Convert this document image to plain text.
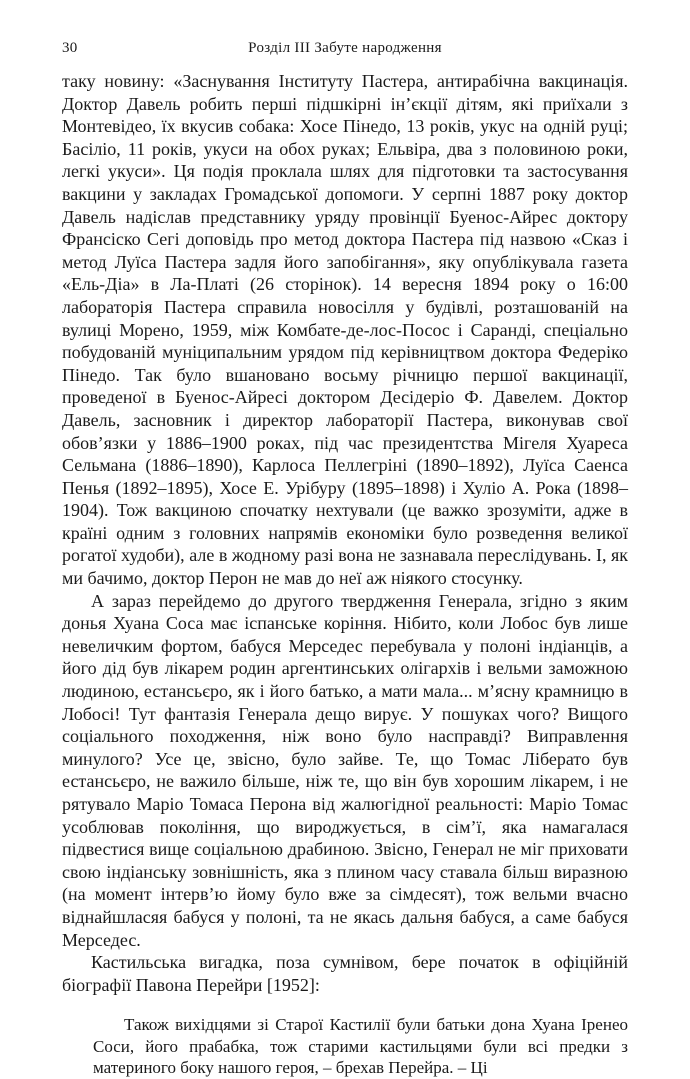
30	Розділ III Забуте народження

таку новину: «Заснування Інституту Пастера, антирабічна вакцинація. Доктор Давель робить перші підшкірні ін’єкції дітям, які приїхали з Монтевідео, їх вкусив собака: Хосе Пінедо, 13 років, укус на одній руці; Басіліо, 11 років, укуси на обох руках; Ельвіра, два з половиною роки, легкі укуси». Ця подія проклала шлях для підготовки та застосування вакцини у закладах Громадської допомоги. У серпні 1887 року доктор Давель надіслав представнику уряду провінції Буенос-Айрес доктору Франсіско Сегі доповідь про метод доктора Пастера під назвою «Сказ і метод Луїса Пастера задля його запобігання», яку опублікувала газета «Ель-Діа» в Ла-Платі (26 сторінок). 14 вересня 1894 року о 16:00 лабораторія Пастера справила новосілля у будівлі, розташованій на вулиці Морено, 1959, між Комбате-де-лос-Посос і Саранді, спеціально побудованій муніципальним урядом під керівництвом доктора Федеріко Пінедо. Так було вшановано восьму річницю першої вакцинації, проведеної в Буенос-Айресі доктором Десідеріо Ф. Давелем. Доктор Давель, засновник і директор лабораторії Пастера, виконував свої обов’язки у 1886–1900 роках, під час президентства Мігеля Хуареса Сельмана (1886–1890), Карлоса Пеллегріні (1890–1892), Луїса Саенса Пенья (1892–1895), Хосе Е. Урібуру (1895–1898) і Хуліо А. Рока (1898–1904). Тож вакциною спочатку нехтували (це важко зрозуміти, адже в країні одним з головних напрямів економіки було розведення великої рогатої худоби), але в жодному разі вона не зазнавала переслідувань. І, як ми бачимо, доктор Перон не мав до неї аж ніякого стосунку.

А зараз перейдемо до другого твердження Генерала, згідно з яким донья Хуана Соса має іспанське коріння. Нібито, коли Лобос був лише невеличким фортом, бабуся Мерседес перебувала у полоні індіанців, а його дід був лікарем родин аргентинських олігархів і вельми заможною людиною, естансьєро, як і його батько, а мати мала... м’ясну крамницю в Лобосі! Тут фантазія Генерала дещо вирує. У пошуках чого? Вищого соціального походження, ніж воно було насправді? Виправлення минулого? Усе це, звісно, було зайве. Те, що Томас Ліберато був естансьєро, не важило більше, ніж те, що він був хорошим лікарем, і не рятувало Маріо Томаса Перона від жалюгідної реальності: Маріо Томас усоблював покоління, що вироджується, в сім’ї, яка намагалася підвестися вище соціальною драбиною. Звісно, Генерал не міг приховати свою індіанську зовнішність, яка з плином часу ставала більш виразною (на момент інтерв’ю йому було вже за сімдесят), тож вельми вчасно віднайшласяя бабуся у полоні, та не якась дальня бабуся, а саме бабуся Мерседес.

Кастильська вигадка, поза сумнівом, бере початок в офіційній біографії Павона Перейри [1952]:

Також вихідцями зі Старої Кастилії були батьки дона Хуана Іренео Соси, його прабабка, тож старими кастильцями були всі предки з материного боку нашого героя, – брехав Перейра. – Ці
